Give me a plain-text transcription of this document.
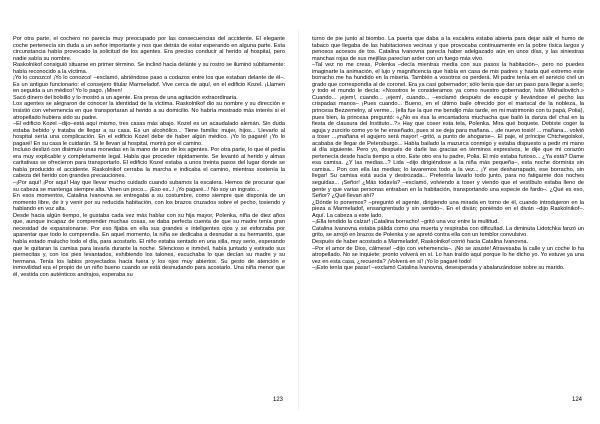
Por otra parte, el cochero no parecía muy preocupado por las consecuencias del accidente. El elegante coche pertenecía sin duda a un señor importante y nos que detrás de estar esperando en alguna parte. Esta circunstancia había provocado la solicitud de los agentes. Era preciso conducir al herido al hospital, pero nadie sabía su nombre.

Raskolnikof consiguió situarse en primer término. Se inclinó hacia delante y su rostro se iluminó súbitamente: había reconocido a la víctima.

¡Yo lo conozco! ¡Yo lo conozco! –exclamó, abriéndose paso a codazos entre los que estaban delante de él–. Es un antiguo funcionario: el consejero titular Marmeladof. Vive cerca de aquí, en el edificio Kozel. ¡Llamen en seguida a un médico! Yo lo pago. ¡Miren!

Sacó dinero del bolsillo y lo mostró a un agente. Era presa de una agitación extraordinaria.

Los agentes se alegraron de conocer la identidad de la víctima. Raskolnikof dio su nombre y su dirección e insistió con vehemencia en que transportaran al herido a su domicilio. No habría mostrado más interés si el atropellado hubiera sido su padre.

–El edificio Kozel –dijo–está aquí mismo, tres casas más abajo. Kozel es un acaudalado alemán. Sin duda estaba bebido y trataba de llegar a su casa. Es un alcohólico... Tiene familia: mujer, hijos... Llevarlo al hospital sería una complicación. En el edificio Kozel debe de haber algún médico. ¡Yo lo pagaré! ¡Yo lo pagaré! En su casa le cuidarán. Si le llevan al hospital, morirá por el camino.

Incluso deslizó con disimulo unas monedas en la mano de uno de los agentes. Por otra parte, lo que él pedía era muy explicable y completamente legal. Había que proceder rápidamente. Se levantó al herido y almas caritativas se ofrecieron para transportarlo. El edificio Kozel estaba a unos treinta pasos del lugar donde se había producido el accidente. Raskolnikof cerraba la marcha e indicaba el camino, mientras sostenía la cabeza del herido con grandes precauciones.

–¡Por aquí! ¡Por aquí! Hay que llevar mucho cuidado cuando subamos la escalera. Hemos de procurar que su cabeza se mantenga siempre alta. Vinen un poco... ¡Eso es...! ¡Yo pagaré...! No soy un ingrato...

En esos momentos, Catalina Ivanovna se entregaba a su costumbre, como siempre que disponía de un momento libre, de ir y venir por su reducida habitación, con los brazos cruzados sobre el pecho, tosiendo y hablando en voz alta.

Desde hacia algún tiempo, le gustaba cada vez más hablar con su hija mayor, Polenka, niña de diez años que, aunque incapaz de comprender muchas cosas, se daba perfecta cuenta de que su madre tenía gran necesidad de expansionarse. Por eso fijaba en ella sus grandes e inteligentes ojos y se esforzaba por aparentar que todo lo comprendía. En aquel momento, la niña se dedicaba a desnudar a su hermanito, que había estado malucho todo el día, para acostarlo. El niño estaba sentado en una silla, muy serio, esperando que le quitaran la camisa para lavarla durante la noche. Silencioso e inmóvil, había juntado y estirado sus piernecitas y, con los pies levantados, exhibiendo los talones, escuchaba lo que decían su madre y su hermana. Tenía los labios proyectados hacia fuera y los ojos muy abiertos. Su gesto de atención e inmovilidad era el propio de un niño bueno cuando se está desnudando para acostarlo. Una niña menor que él, vestida con auténticos andrajos, esperaba su

123

turno de pie junto al biombo. La puerta que daba a la escalera estaba abierta para dejar salir el humo de tabaco que llegaba de las habitaciones vecinas y que provocaba continuamente en la pobre tísica largos y penosos accesos de tos. Catalina Ivanovna parecía haber adelgazado aún en unos días, y las siniestras manchas rojas de sus mejillas parecían arder con un fuego más vivo.

–Tal vez no me creas, Polenka –decía mientras medía con sus pasos la habitación–, pero no puedes imaginarte la animación, el lujo y magnificencia que había en casa de mis padres y hasta qué extremo este borracho me ha hundido en la miseria. También a vosotros os perderá. Mi padre tenía en el servicio civil un grado que correspondía al de coronel. Era ya casi gobernador; sólo tenía que dar un paso para llegar a serlo; y todo el mundo le decía: «Nosotros le consideramos ya como nuestro gobernador, Iván Mikhailovitch.» Cuando... ¡ejem!, cuando... ¡ejem!, cuando... –exclamó después de escupir y llevándose el pecho las crispadas manos– ¡Pues cuando... Bueno, en el último baile ofrecido por el mariscal de la nobleza, la princesa Bezzemelny, al verme... (ella fue la que me bendijo más tarde, en mi matrimonio con tu papá, Polia), pues bien, la princesa preguntó: «¿No es ésa la encantadora muchacha que bailó la danza del chal en la fiesta de clausura del Instituto...?» Hay que coser esta tela, Polenka. Mira qué boquete. Debiste coger la aguja y zurcirlo como yo te he enseñado, pues si se deja para mañana... ¡de nuevo tosió! ... mañana... volvió a toser ...¡mañana el agujero será mayor! –gritó, a punto de ahogarse–. El paje, el príncipe Chtchegolskoi, acababa de llegar de Petersburgo... Había bailado la mazurca conmigo y estaba dispuesto a pedir mi mano al día siguiente. Pero yo, después de darle las gracias en términos expresivos, le dije que mi corazón pertenecía desde hacía tiempo a otro. Este otro era tu padre, Polia. El mío estaba furioso... ¿Ya está? Dame esa camisa. ¿Y las medias...? Lida –dijo dirigiéndose a la niña más pequeña–, esta noche dormirás sin camisa... Pon con ella las medias; lo lavaremos todo a la vez... ¡Y ese desharrapado, ese borracho, sin llegar! Su camisa está sucia y destrozada... Preferiría lavarlo todo junto, para no fatigarme dos noches seguidas... ¡Señor! ¿Más todavía? –exclamó, volviendo a toser y viendo que el vestíbulo estaba lleno de gente y que varias personas entraban en la habitación, transportando una especie de fardo–. ¿Qué es eso, Señor? ¿Qué llevan ahí?

¿Dónde lo ponemos? –preguntó el agente, dirigiendo una mirada en torno de él, cuando introdujeron en la pieza a Marmeladof, ensangrentado y sin sentido–. En el diván; poniéndo en el diván –dijo Raskolnikof–. Aquí. La cabeza a este lado.

–¡Ella tendido la calzar! ¡Catalina borracho! –gritó una voz entre la multitud.

Catalina Ivanovna estaba pálida como una muerta y respiraba con dificultad. La diminuta Lidotchka lanzó un grito, se arrojó en brazos de Polenka y se apretó contra ella con un temblor convulsivo.

Después de haber acostado a Marmeladof, Raskolnikof corrió hacia Catalina Ivanovna.

–Por el amor de Dios, cálmese! –dijo con vehemencia–. ¡No se asuste! Atravesaba la calle y un coche lo ha atropellado. No se inquiete; pronto volverá en sí. Lo han traído aquí porque lo he dicho yo. Yo estuve ya una vez en esta casa, ¿recuerda? ¡Volverá en sí! ¡Yo lo pagaré todo!

–¡Esto tenía que pasar! –exclamó Catalina Ivanovna, desesperada y abalanzándose sobre su marido.

124
